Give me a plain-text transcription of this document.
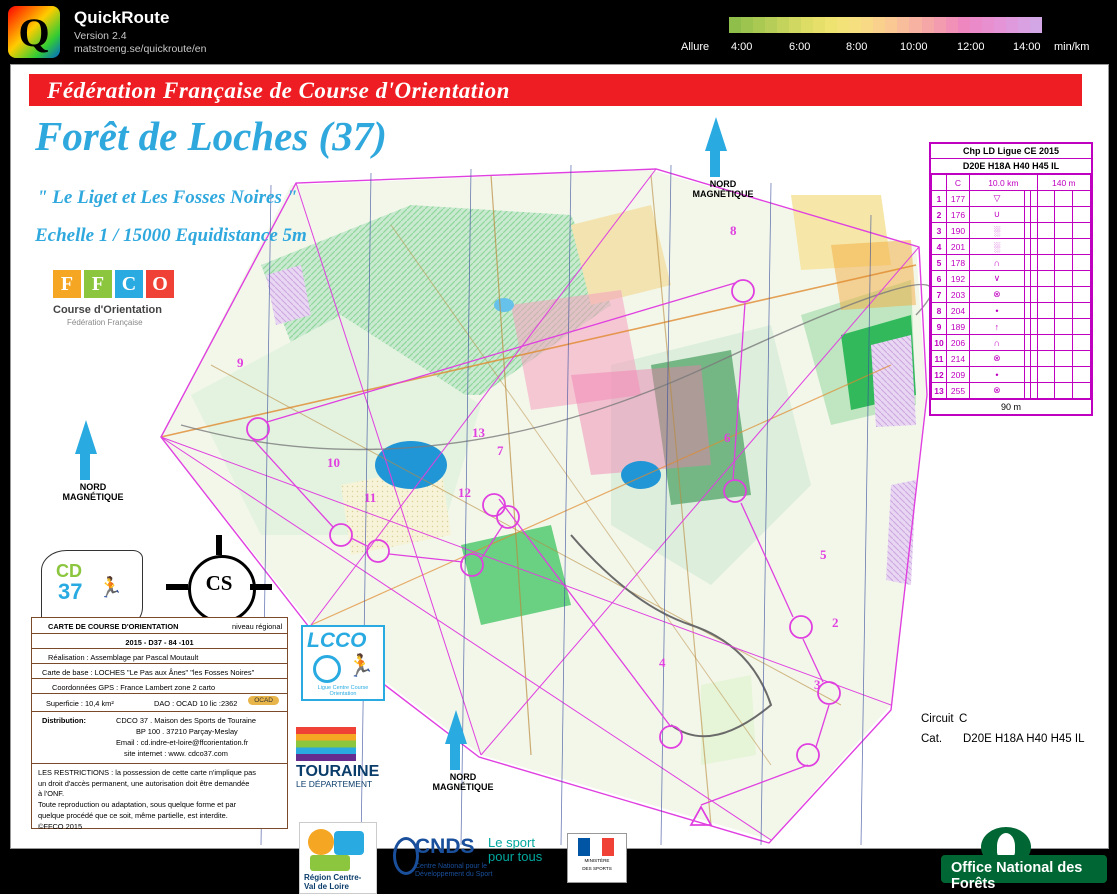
Q	QuickRoute
Version 2.4
matstroeng.se/quickroute/en	Allure 4:00	6:00	8:00	10:00	12:00	14:00 min/km
Fédération Française de Course d'Orientation
Forêt de Loches (37)
" Le Liget et Les Fosses Noires "
Echelle 1 / 15000 Equidistance 5m
F F C O
Course d'Orientation
Fédération Française
NORD
MAGNÉTIQUE
NORD
MAGNÉTIQUE
NORD
MAGNÉTIQUE
CD
37 🏃	CS
LCCO
🏃
Ligue Centre Course Orientation
TOURAINE
LE DÉPARTEMENT
Région Centre-Val de Loire
CNDS Le sport
pour tous
Centre National pour le
Développement du Sport
MINISTÈRE
DES SPORTS	Office National des Forêts
CARTE DE COURSE D'ORIENTATION	niveau régional
2015 - D37 - 84 -101
Réalisation : Assemblage par Pascal Moutault
Carte de base : LOCHES "Le Pas aux Ânes" "les Fosses Noires"
Coordonnées GPS : France Lambert zone 2 carto
Superficie : 10,4 km²	DAO : OCAD 10 lic :2362	OCAD
Distribution:	CDCO 37 . Maison des Sports de Touraine
BP 100 . 37210 Parçay-Meslay
Email : cd.indre-et-loire@ffcorientation.fr
site internet : www. cdco37.com
LES RESTRICTIONS : la possession de cette carte n'implique pas
un droit d'accès permanent, une autorisation doit être demandée
à l'ONF.
Toute reproduction ou adaptation, sous quelque forme et par
quelque procédé que ce soit, même partielle, est interdite.
©FFCO 2015
Chp LD Ligue CE 2015
D20E H18A H40 H45 IL
	C	10.0 km			140 m		
1	177	▽					
2	176	∪					
3	190	░					
4	201	░					
5	178	∩					
6	192	∨					
7	203	⊗					
8	204	•					
9	189	↑					
10	206	∩					
11	214	⊗					
12	209	•					
13	255	⊗					
90 m
Circuit C
Cat. D20E H18A H40 H45 IL
9
10
11	12
13
7
8
6
5
4
3
2
